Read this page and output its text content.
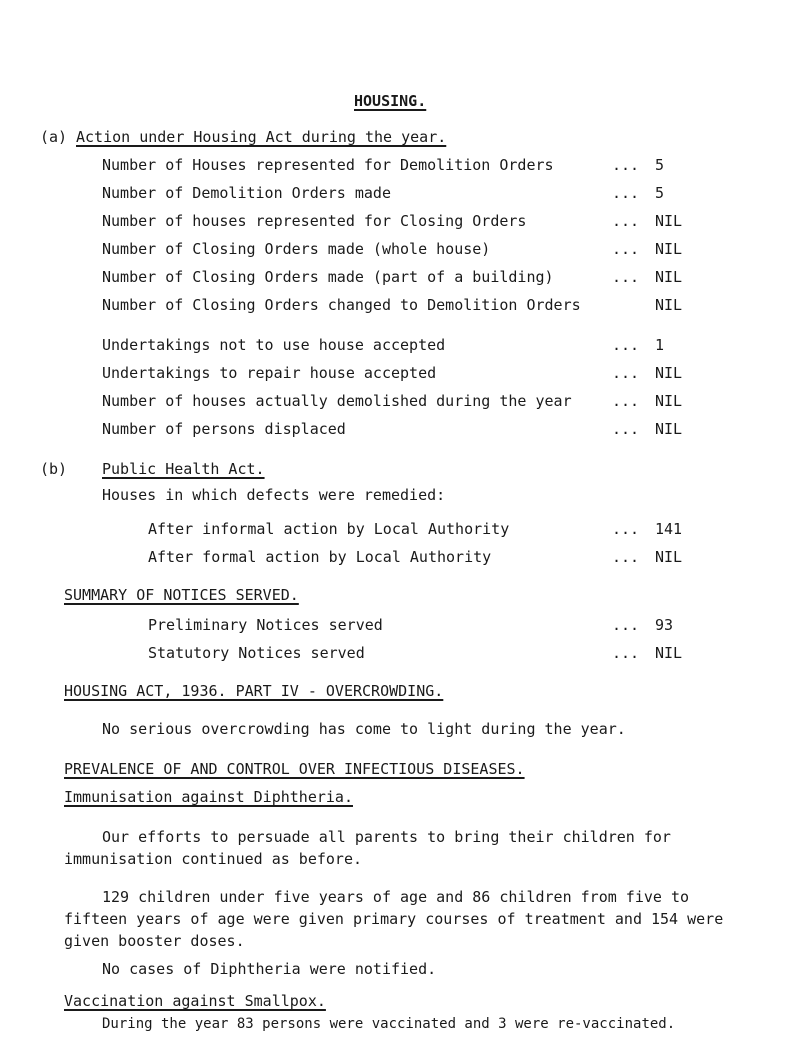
HOUSING.
(a) Action under Housing Act during the year.
Number of Houses represented for Demolition Orders	... 5
Number of Demolition Orders made	... 5
Number of houses represented for Closing Orders	... NIL
Number of Closing Orders made (whole house)	... NIL
Number of Closing Orders made (part of a building)	... NIL
Number of Closing Orders changed to Demolition Orders	NIL
Undertakings not to use house accepted	... 1
Undertakings to repair house accepted	... NIL
Number of houses actually demolished during the year	... NIL
Number of persons displaced	... NIL
(b) Public Health Act.
Houses in which defects were remedied:
After informal action by Local Authority	... 141
After formal action by Local Authority	... NIL
SUMMARY OF NOTICES SERVED.
Preliminary Notices served	... 93
Statutory Notices served	... NIL
HOUSING ACT, 1936. PART IV - OVERCROWDING.
No serious overcrowding has come to light during the year.
PREVALENCE OF AND CONTROL OVER INFECTIOUS DISEASES.
Immunisation against Diphtheria.
Our efforts to persuade all parents to bring their children for immunisation continued as before.
129 children under five years of age and 86 children from five to fifteen years of age were given primary courses of treatment and 154 were given booster doses.
No cases of Diphtheria were notified.
Vaccination against Smallpox.
During the year 83 persons were vaccinated and 3 were re-vaccinated.
